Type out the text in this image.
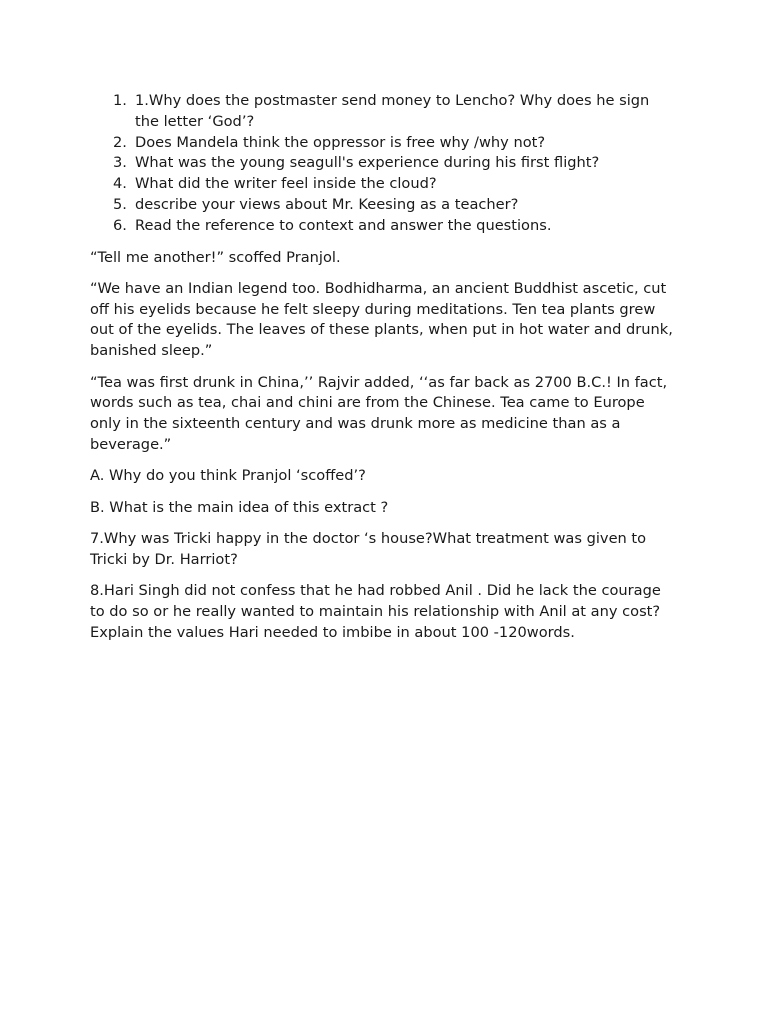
1. 1.Why does the postmaster send money to Lencho? Why does he sign the letter ‘God’?
2. Does Mandela think the oppressor is free why /why not?
3. What was the young seagull's experience during his first flight?
4. What did the writer feel inside the cloud?
5. describe your views about Mr. Keesing as a teacher?
6. Read the reference to context and answer the questions.

“Tell me another!” scoffed Pranjol.

“We have an Indian legend too. Bodhidharma, an ancient Buddhist ascetic, cut off his eyelids because he felt sleepy during meditations. Ten tea plants grew out of the eyelids. The leaves of these plants, when put in hot water and drunk, banished sleep.”

“Tea was first drunk in China,’’ Rajvir added, ‘‘as far back as 2700 B.C.! In fact, words such as tea, chai and chini are from the Chinese. Tea came to Europe only in the sixteenth century and was drunk more as medicine than as a beverage.”

A. Why do you think Pranjol ‘scoffed’?

B. What is the main idea of this extract ?

7.Why was Tricki happy in the doctor ‘s house?What treatment was given to Tricki by Dr. Harriot?

8.Hari Singh did not confess that he had robbed Anil . Did he lack the courage to do so or he really wanted to maintain his relationship with Anil at any cost? Explain the values Hari needed to imbibe in about 100 -120words.
